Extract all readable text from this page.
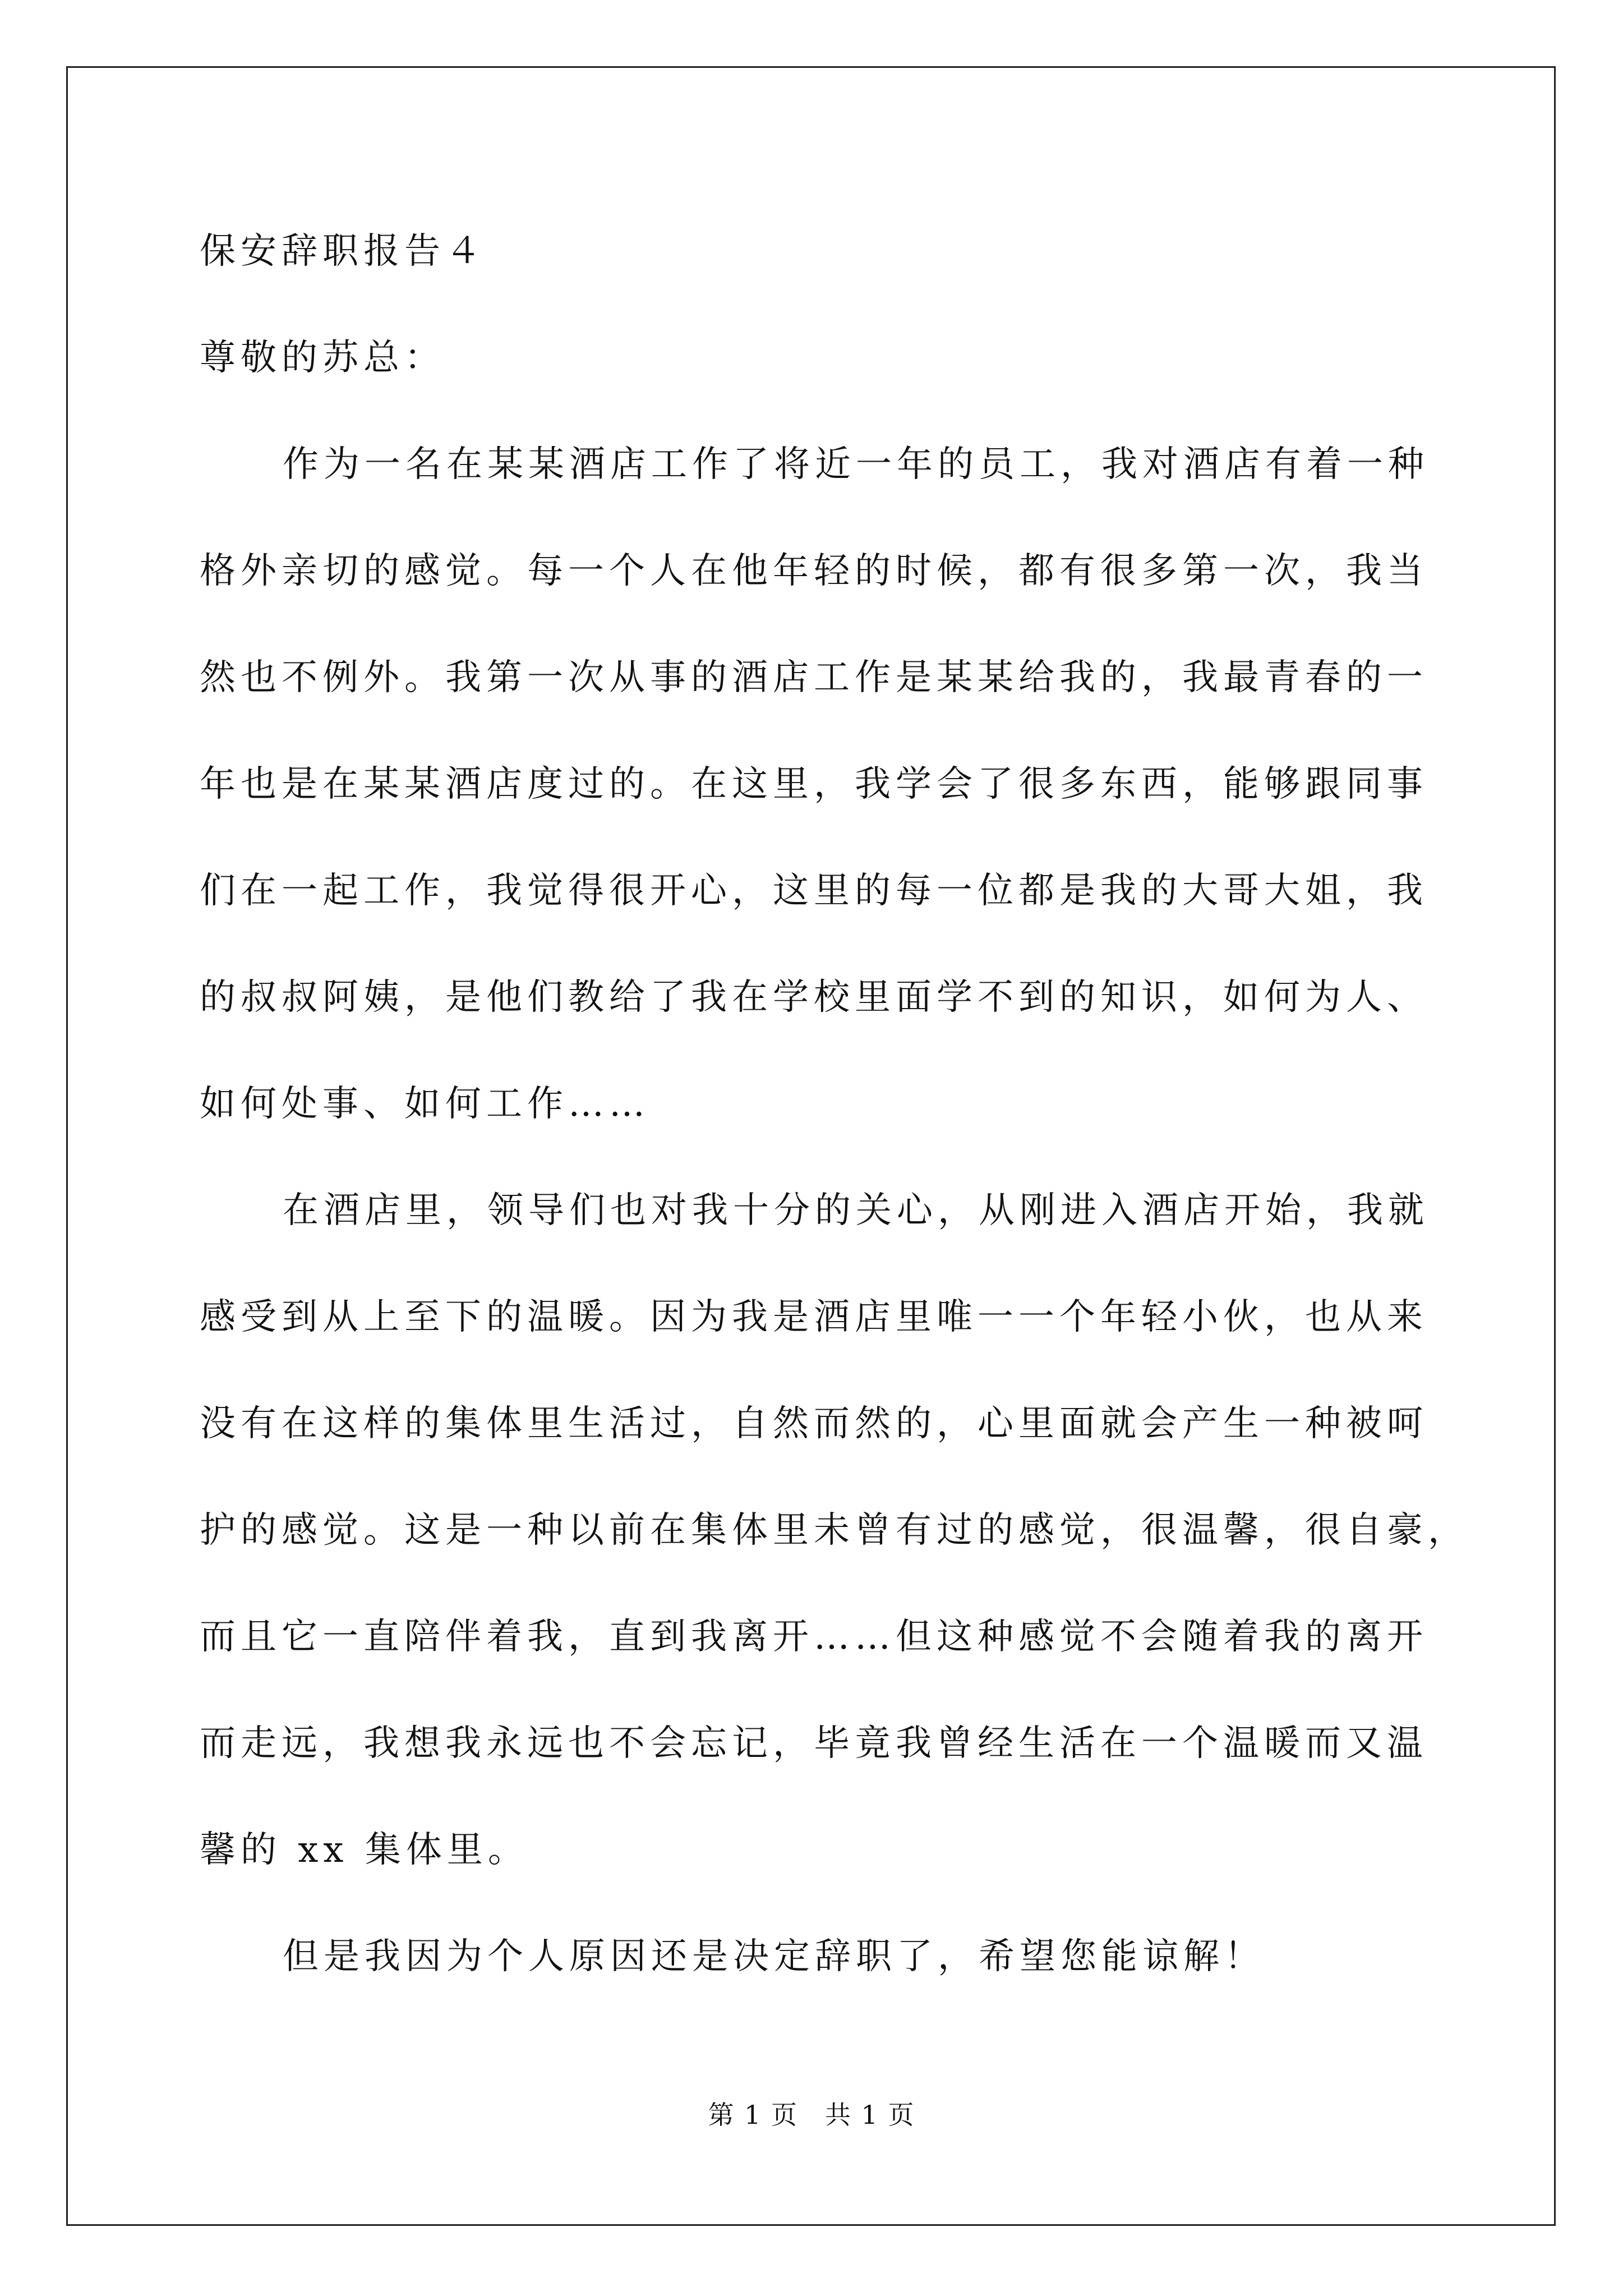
保安辞职报告４

尊敬的苏总：

作为一名在某某酒店工作了将近一年的员工，我对酒店有着一种

格外亲切的感觉。每一个人在他年轻的时候，都有很多第一次，我当

然也不例外。我第一次从事的酒店工作是某某给我的，我最青春的一

年也是在某某酒店度过的。在这里，我学会了很多东西，能够跟同事

们在一起工作，我觉得很开心，这里的每一位都是我的大哥大姐，我

的叔叔阿姨，是他们教给了我在学校里面学不到的知识，如何为人、

如何处事、如何工作……

在酒店里，领导们也对我十分的关心，从刚进入酒店开始，我就

感受到从上至下的温暖。因为我是酒店里唯一一个年轻小伙，也从来

没有在这样的集体里生活过，自然而然的，心里面就会产生一种被呵

护的感觉。这是一种以前在集体里未曾有过的感觉，很温馨，很自豪，

而且它一直陪伴着我，直到我离开……但这种感觉不会随着我的离开

而走远，我想我永远也不会忘记，毕竟我曾经生活在一个温暖而又温

馨的 xx 集体里。

但是我因为个人原因还是决定辞职了，希望您能谅解！

第 1 页　共 1 页
